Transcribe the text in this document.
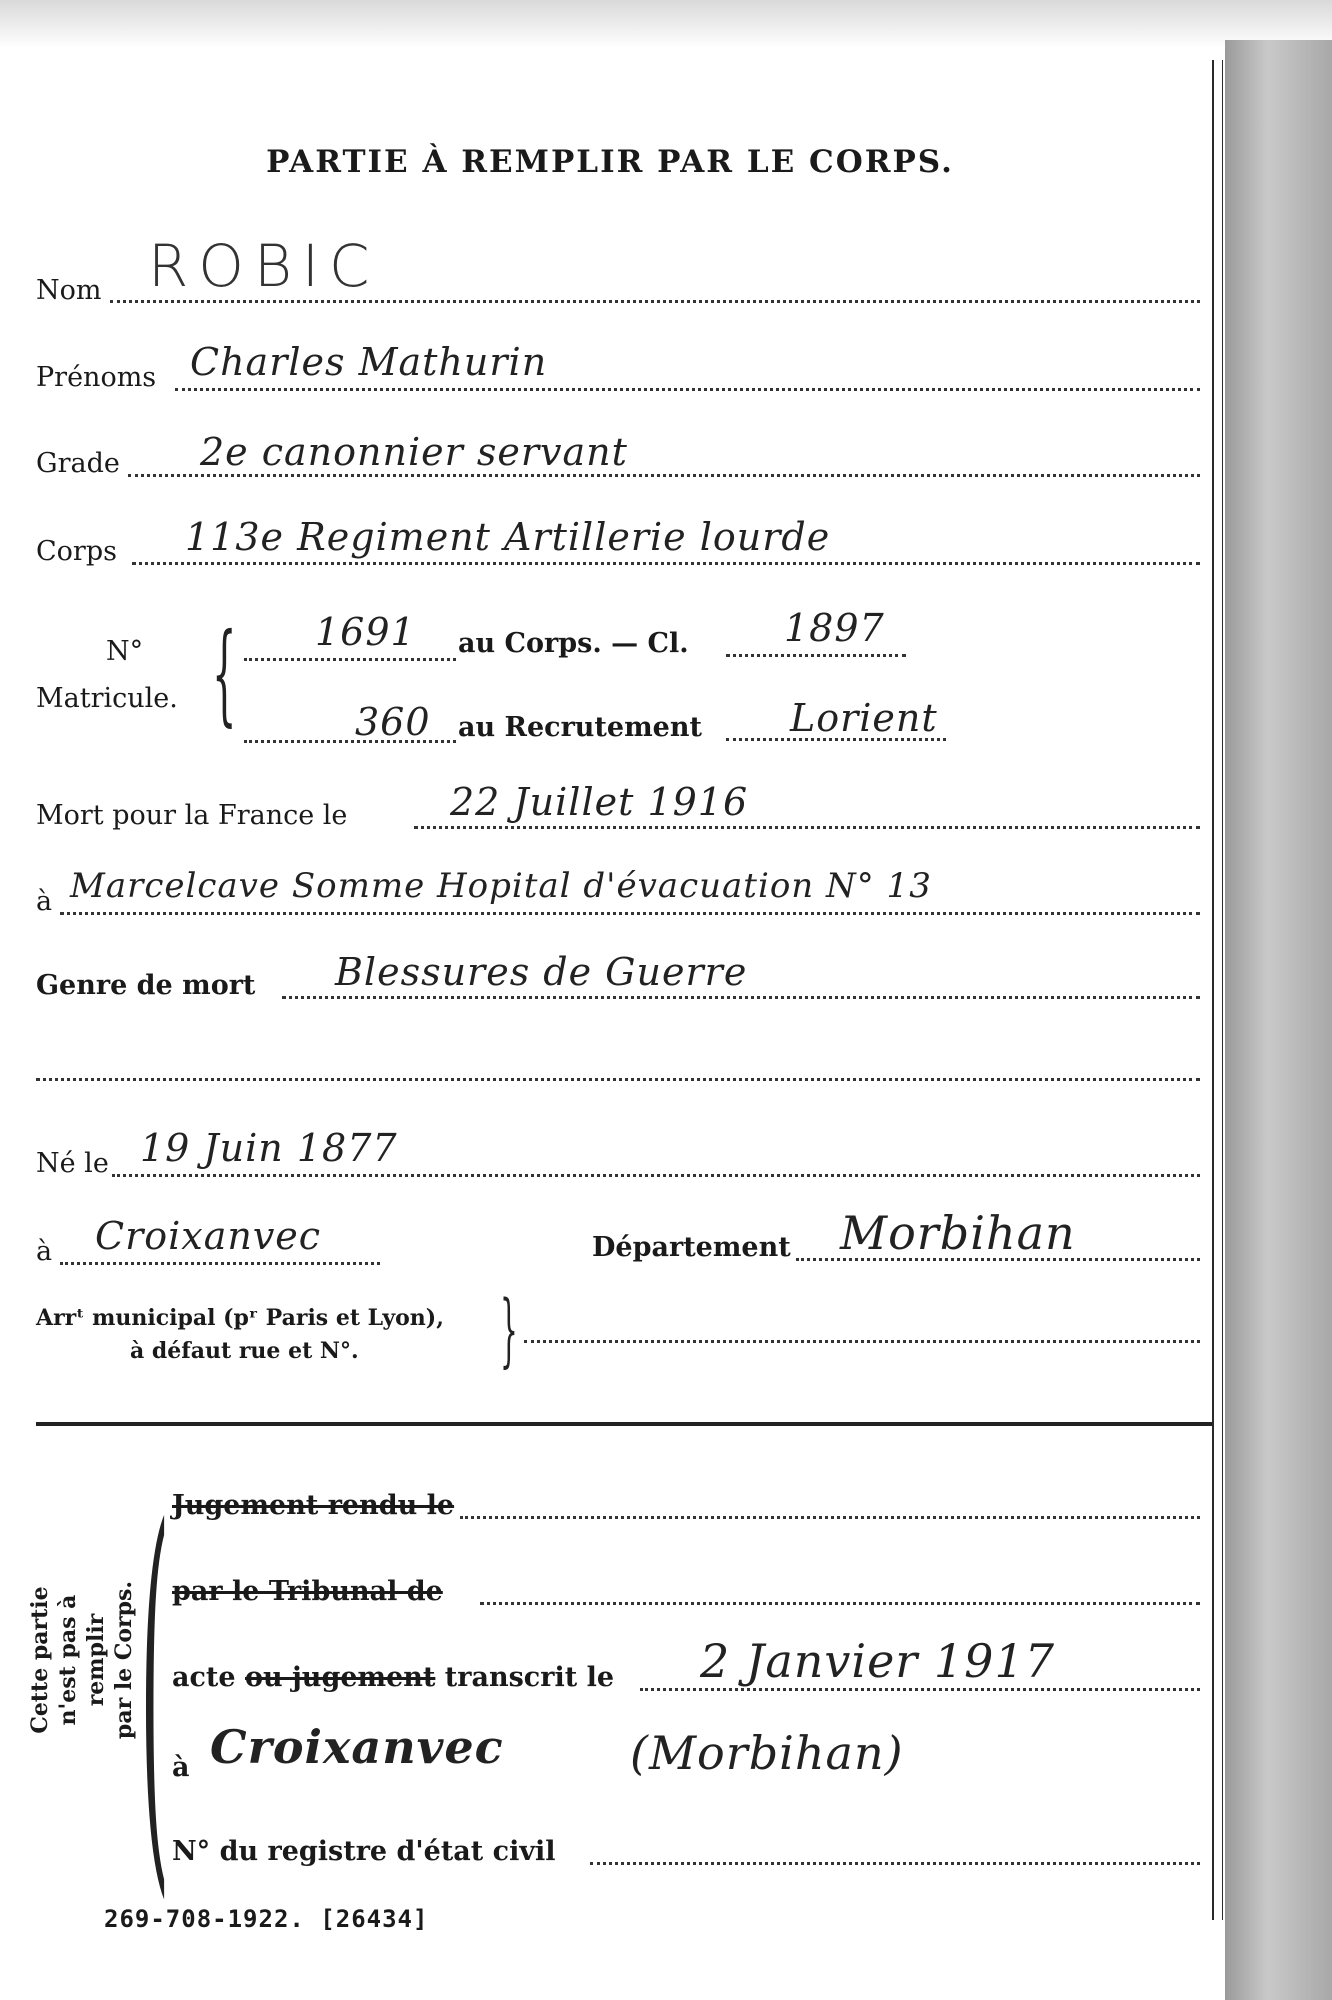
PARTIE À REMPLIR PAR LE CORPS.
Nom ROBIC
Prénoms Charles Mathurin
Grade 2e canonnier servant
Corps 113e Regiment Artillerie lourde
N°
Matricule. { 1691 au Corps. — Cl.	1897
360 au Recrutement Lorient
Mort pour la France le	22 Juillet 1916
à Marcelcave Somme Hopital d'évacuation N° 13
Genre de mort Blessures de Guerre
Né le 19 Juin 1877
à Croixanvec	Département Morbihan
Arrᵗ municipal (pʳ Paris et Lyon),
à défaut rue et N°. }
Cette partie n'est pas à remplir par le Corps. ( Jugement rendu le
par le Tribunal de
acte ou jugement transcrit le 2 Janvier 1917
à Croixanvec	(Morbihan)
N° du registre d'état civil
269-708-1922. [26434]
